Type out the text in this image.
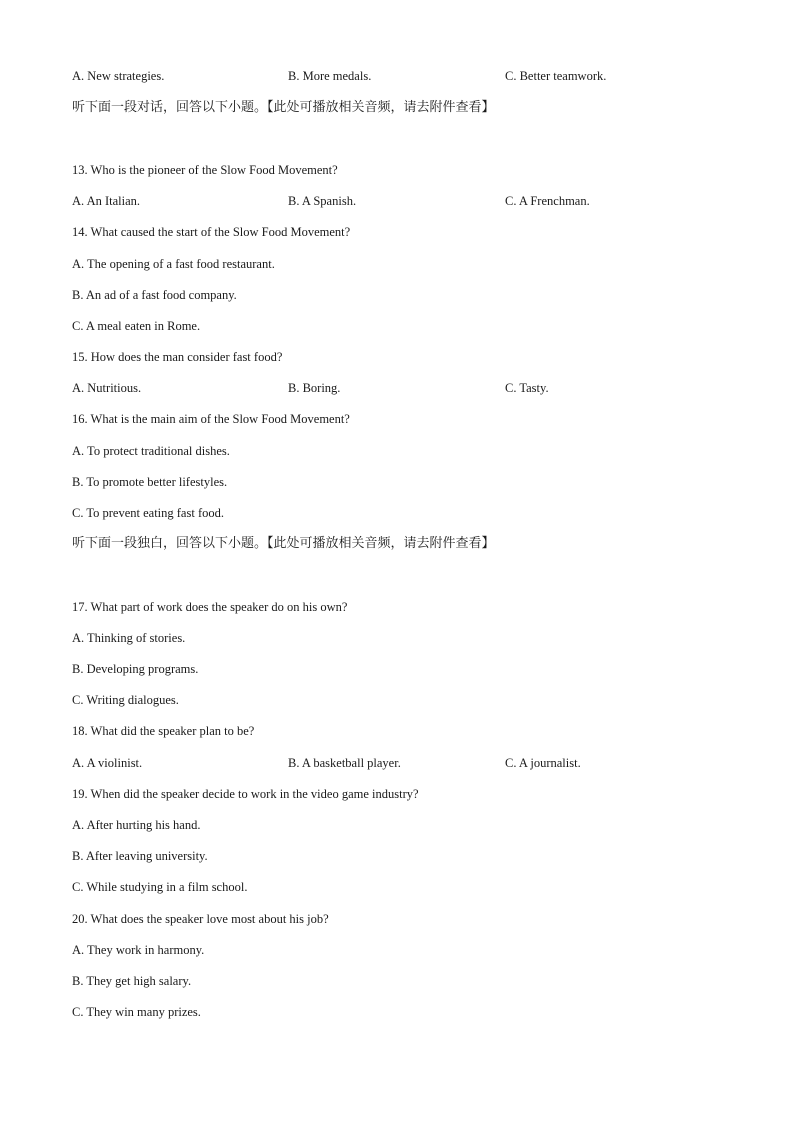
A. New strategies.	B. More medals.	C. Better teamwork.
听下面一段对话，回答以下小题。【此处可播放相关音频，请去附件查看】
13. Who is the pioneer of the Slow Food Movement?
A. An Italian.	B. A Spanish.	C. A Frenchman.
14. What caused the start of the Slow Food Movement?
A. The opening of a fast food restaurant.
B. An ad of a fast food company.
C. A meal eaten in Rome.
15. How does the man consider fast food?
A. Nutritious.	B. Boring.	C. Tasty.
16. What is the main aim of the Slow Food Movement?
A. To protect traditional dishes.
B. To promote better lifestyles.
C. To prevent eating fast food.
听下面一段独白，回答以下小题。【此处可播放相关音频，请去附件查看】
17. What part of work does the speaker do on his own?
A. Thinking of stories.
B. Developing programs.
C. Writing dialogues.
18. What did the speaker plan to be?
A. A violinist.	B. A basketball player.	C. A journalist.
19. When did the speaker decide to work in the video game industry?
A. After hurting his hand.
B. After leaving university.
C. While studying in a film school.
20. What does the speaker love most about his job?
A. They work in harmony.
B. They get high salary.
C. They win many prizes.
